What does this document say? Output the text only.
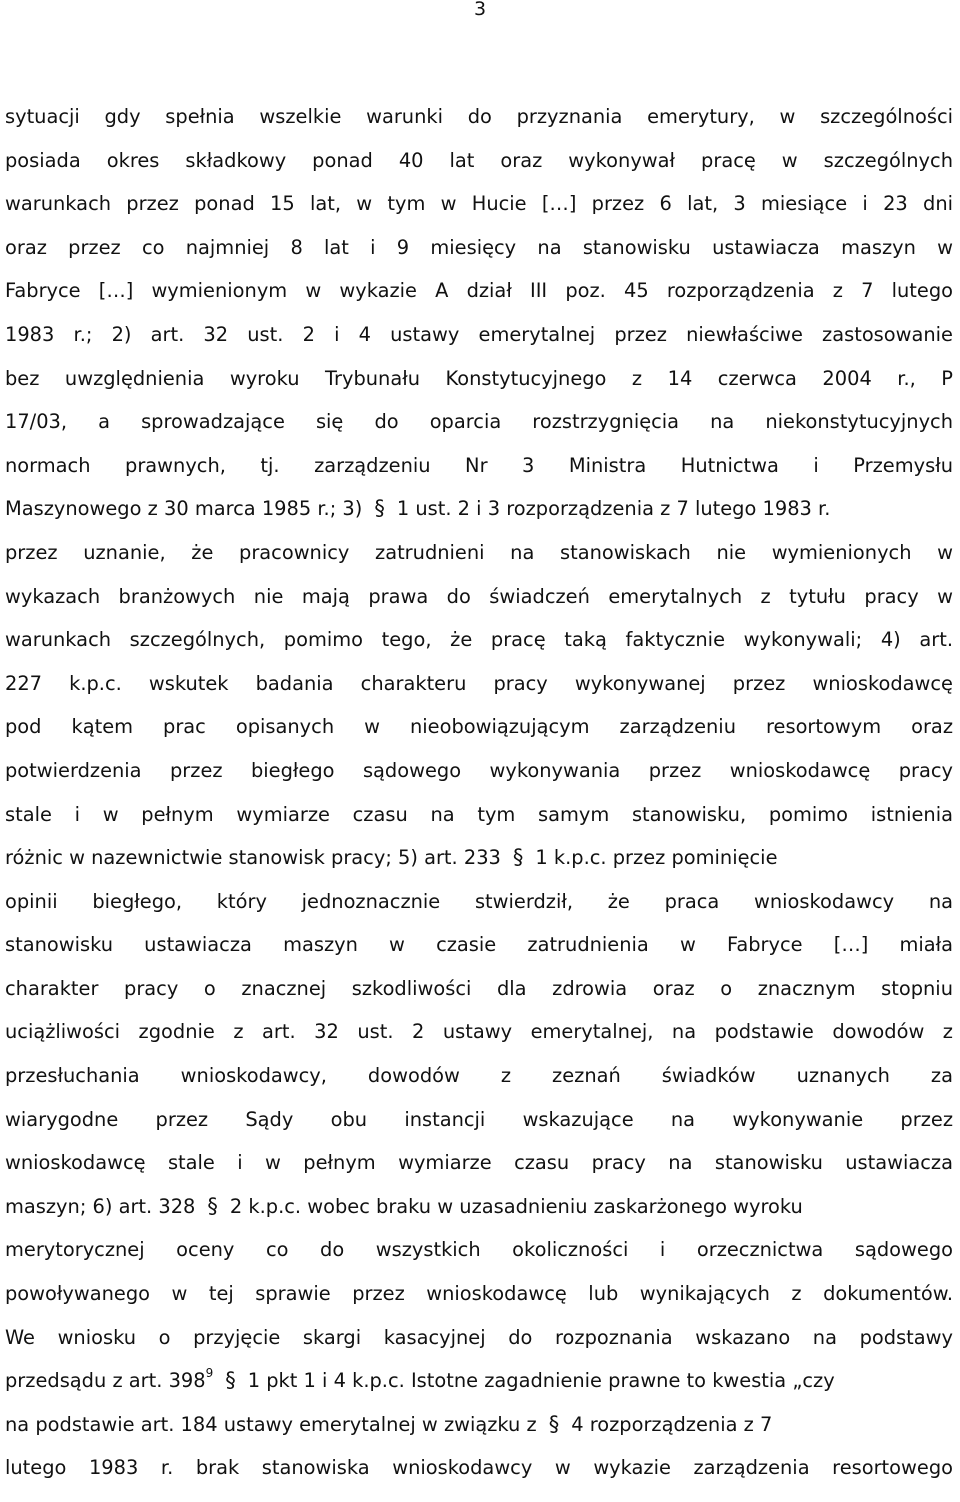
3
sytuacji gdy spełnia wszelkie warunki do przyznania emerytury, w szczególności
posiada okres składkowy ponad 40 lat oraz wykonywał pracę w szczególnych
warunkach przez ponad 15 lat, w tym w Hucie […] przez 6 lat, 3 miesiące i 23 dni
oraz przez co najmniej 8 lat i 9 miesięcy na stanowisku ustawiacza maszyn w
Fabryce […] wymienionym w wykazie A dział III poz. 45 rozporządzenia z 7 lutego
1983 r.; 2) art. 32 ust. 2 i 4 ustawy emerytalnej przez niewłaściwe zastosowanie
bez uwzględnienia wyroku Trybunału Konstytucyjnego z 14 czerwca 2004 r., P
17/03, a sprowadzające się do oparcia rozstrzygnięcia na niekonstytucyjnych
normach prawnych, tj. zarządzeniu Nr 3 Ministra Hutnictwa i Przemysłu
Maszynowego z 30 marca 1985 r.; 3) § 1 ust. 2 i 3 rozporządzenia z 7 lutego 1983 r.
przez uznanie, że pracownicy zatrudnieni na stanowiskach nie wymienionych w
wykazach branżowych nie mają prawa do świadczeń emerytalnych z tytułu pracy w
warunkach szczególnych, pomimo tego, że pracę taką faktycznie wykonywali; 4) art.
227 k.p.c. wskutek badania charakteru pracy wykonywanej przez wnioskodawcę
pod kątem prac opisanych w nieobowiązującym zarządzeniu resortowym oraz
potwierdzenia przez biegłego sądowego wykonywania przez wnioskodawcę pracy
stale i w pełnym wymiarze czasu na tym samym stanowisku, pomimo istnienia
różnic w nazewnictwie stanowisk pracy; 5) art. 233 § 1 k.p.c. przez pominięcie
opinii biegłego, który jednoznacznie stwierdził, że praca wnioskodawcy na
stanowisku ustawiacza maszyn w czasie zatrudnienia w Fabryce […] miała
charakter pracy o znacznej szkodliwości dla zdrowia oraz o znacznym stopniu
uciążliwości zgodnie z art. 32 ust. 2 ustawy emerytalnej, na podstawie dowodów z
przesłuchania wnioskodawcy, dowodów z zeznań świadków uznanych za
wiarygodne przez Sądy obu instancji wskazujące na wykonywanie przez
wnioskodawcę stale i w pełnym wymiarze czasu pracy na stanowisku ustawiacza
maszyn; 6) art. 328 § 2 k.p.c. wobec braku w uzasadnieniu zaskarżonego wyroku
merytorycznej oceny co do wszystkich okoliczności i orzecznictwa sądowego
powoływanego w tej sprawie przez wnioskodawcę lub wynikających z dokumentów.
We wniosku o przyjęcie skargi kasacyjnej do rozpoznania wskazano na podstawy
przedsądu z art. $398^9$ § 1 pkt 1 i 4 k.p.c. Istotne zagadnienie prawne to kwestia „czy
na podstawie art. 184 ustawy emerytalnej w związku z § 4 rozporządzenia z 7
lutego 1983 r. brak stanowiska wnioskodawcy w wykazie zarządzenia resortowego
